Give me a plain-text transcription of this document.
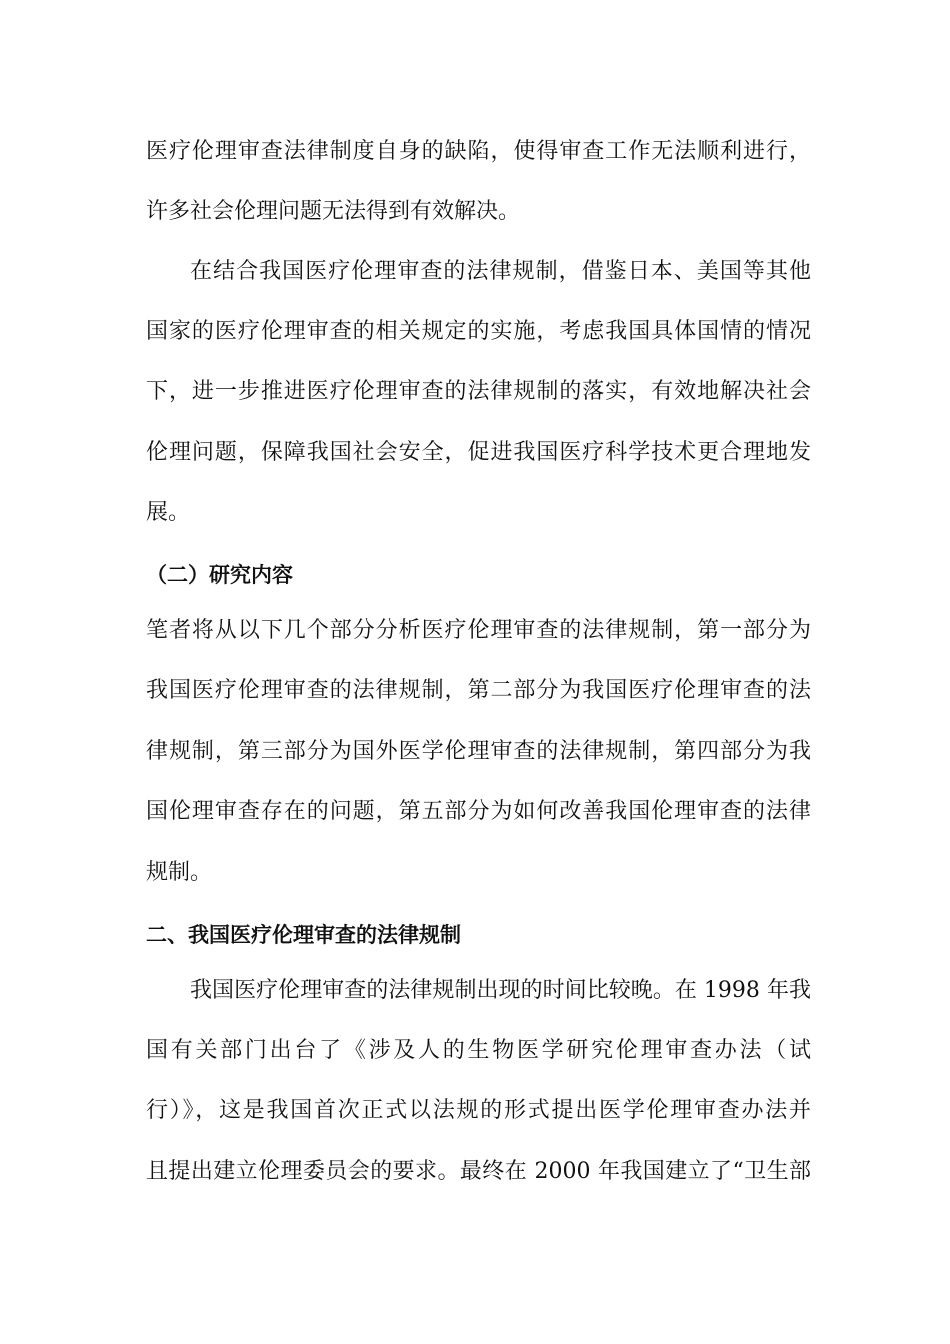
医疗伦理审查法律制度自身的缺陷，使得审查工作无法顺利进行，
许多社会伦理问题无法得到有效解决。
在结合我国医疗伦理审查的法律规制，借鉴日本、美国等其他
国家的医疗伦理审查的相关规定的实施，考虑我国具体国情的情况
下，进一步推进医疗伦理审查的法律规制的落实，有效地解决社会
伦理问题，保障我国社会安全，促进我国医疗科学技术更合理地发
展。
（二）研究内容
笔者将从以下几个部分分析医疗伦理审查的法律规制，第一部分为
我国医疗伦理审查的法律规制，第二部分为我国医疗伦理审查的法
律规制，第三部分为国外医学伦理审查的法律规制，第四部分为我
国伦理审查存在的问题，第五部分为如何改善我国伦理审查的法律
规制。
二、我国医疗伦理审查的法律规制
我国医疗伦理审查的法律规制出现的时间比较晚。在 1998 年我
国有关部门出台了《涉及人的生物医学研究伦理审查办法（试
行）》，这是我国首次正式以法规的形式提出医学伦理审查办法并
且提出建立伦理委员会的要求。最终在 2000 年我国建立了“卫生部
